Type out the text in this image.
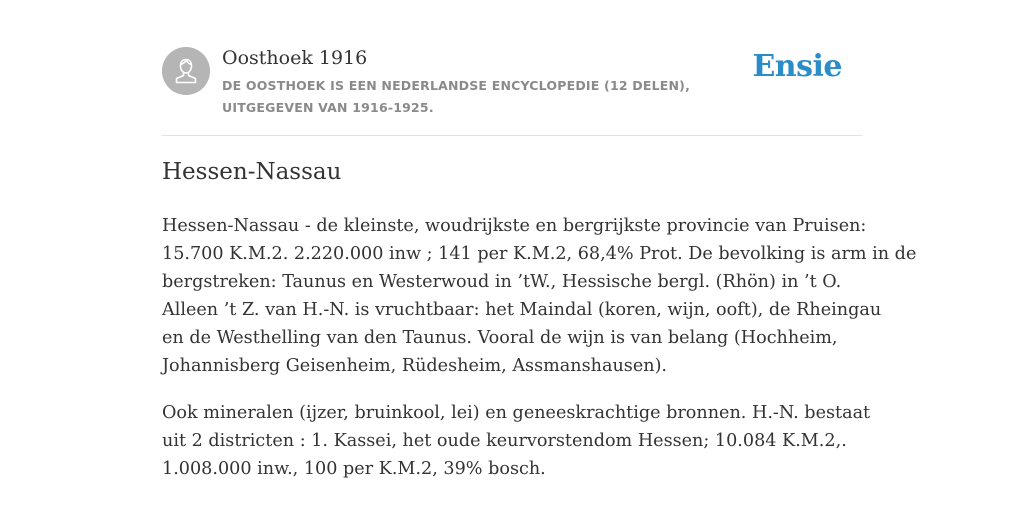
Oosthoek 1916
DE OOSTHOEK IS EEN NEDERLANDSE ENCYCLOPEDIE (12 DELEN), UITGEGEVEN VAN 1916-1925.
Ensie
Hessen-Nassau

Hessen-Nassau - de kleinste, woudrijkste en bergrijkste provincie van Pruisen:
15.700 K.M.2. 2.220.000 inw ; 141 per K.M.2, 68,4% Prot. De bevolking is arm in de
bergstreken: Taunus en Westerwoud in ’tW., Hessische bergl. (Rhön) in ’t O.
Alleen ’t Z. van H.-N. is vruchtbaar: het Maindal (koren, wijn, ooft), de Rheingau
en de Westhelling van den Taunus. Vooral de wijn is van belang (Hochheim,
Johannisberg Geisenheim, Rüdesheim, Assmanshausen).

Ook mineralen (ijzer, bruinkool, lei) en geneeskrachtige bronnen. H.-N. bestaat
uit 2 districten : 1. Kassei, het oude keurvorstendom Hessen; 10.084 K.M.2,.
1.008.000 inw., 100 per K.M.2, 39% bosch.
